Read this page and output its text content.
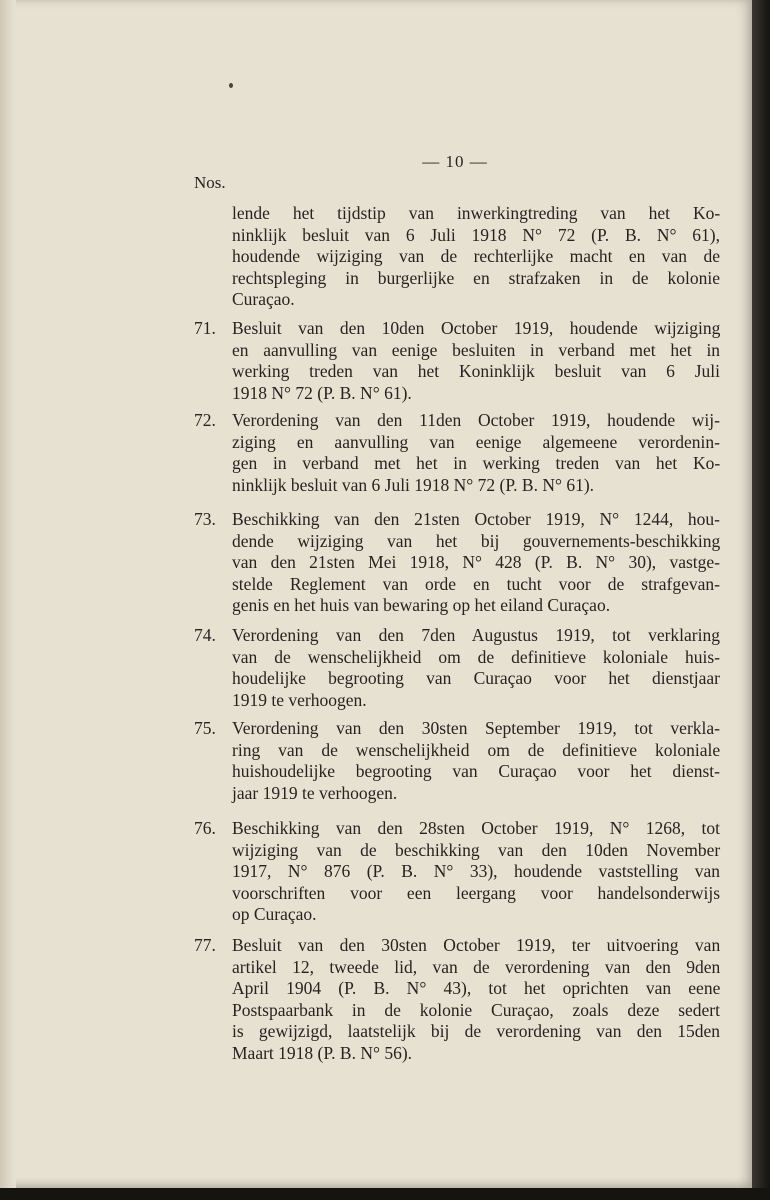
— 10 —
Nos.
lende het tijdstip van inwerkingtreding van het Ko-
ninklijk besluit van 6 Juli 1918 N° 72 (P. B. N° 61),
houdende wijziging van de rechterlijke macht en van de
rechtspleging in burgerlijke en strafzaken in de kolonie
Curaçao.
71. Besluit van den 10den October 1919, houdende wijziging
en aanvulling van eenige besluiten in verband met het in
werking treden van het Koninklijk besluit van 6 Juli
1918 N° 72 (P. B. N° 61).
72. Verordening van den 11den October 1919, houdende wij-
ziging en aanvulling van eenige algemeene verordenin-
gen in verband met het in werking treden van het Ko-
ninklijk besluit van 6 Juli 1918 N° 72 (P. B. N° 61).
73. Beschikking van den 21sten October 1919, N° 1244, hou-
dende wijziging van het bij gouvernements-beschikking
van den 21sten Mei 1918, N° 428 (P. B. N° 30), vastge-
stelde Reglement van orde en tucht voor de strafgevan-
genis en het huis van bewaring op het eiland Curaçao.
74. Verordening van den 7den Augustus 1919, tot verklaring
van de wenschelijkheid om de definitieve koloniale huis-
houdelijke begrooting van Curaçao voor het dienstjaar
1919 te verhoogen.
75. Verordening van den 30sten September 1919, tot verkla-
ring van de wenschelijkheid om de definitieve koloniale
huishoudelijke begrooting van Curaçao voor het dienst-
jaar 1919 te verhoogen.
76. Beschikking van den 28sten October 1919, N° 1268, tot
wijziging van de beschikking van den 10den November
1917, N° 876 (P. B. N° 33), houdende vaststelling van
voorschriften voor een leergang voor handelsonderwijs
op Curaçao.
77. Besluit van den 30sten October 1919, ter uitvoering van
artikel 12, tweede lid, van de verordening van den 9den
April 1904 (P. B. N° 43), tot het oprichten van eene
Postspaarbank in de kolonie Curaçao, zoals deze sedert
is gewijzigd, laatstelijk bij de verordening van den 15den
Maart 1918 (P. B. N° 56).
